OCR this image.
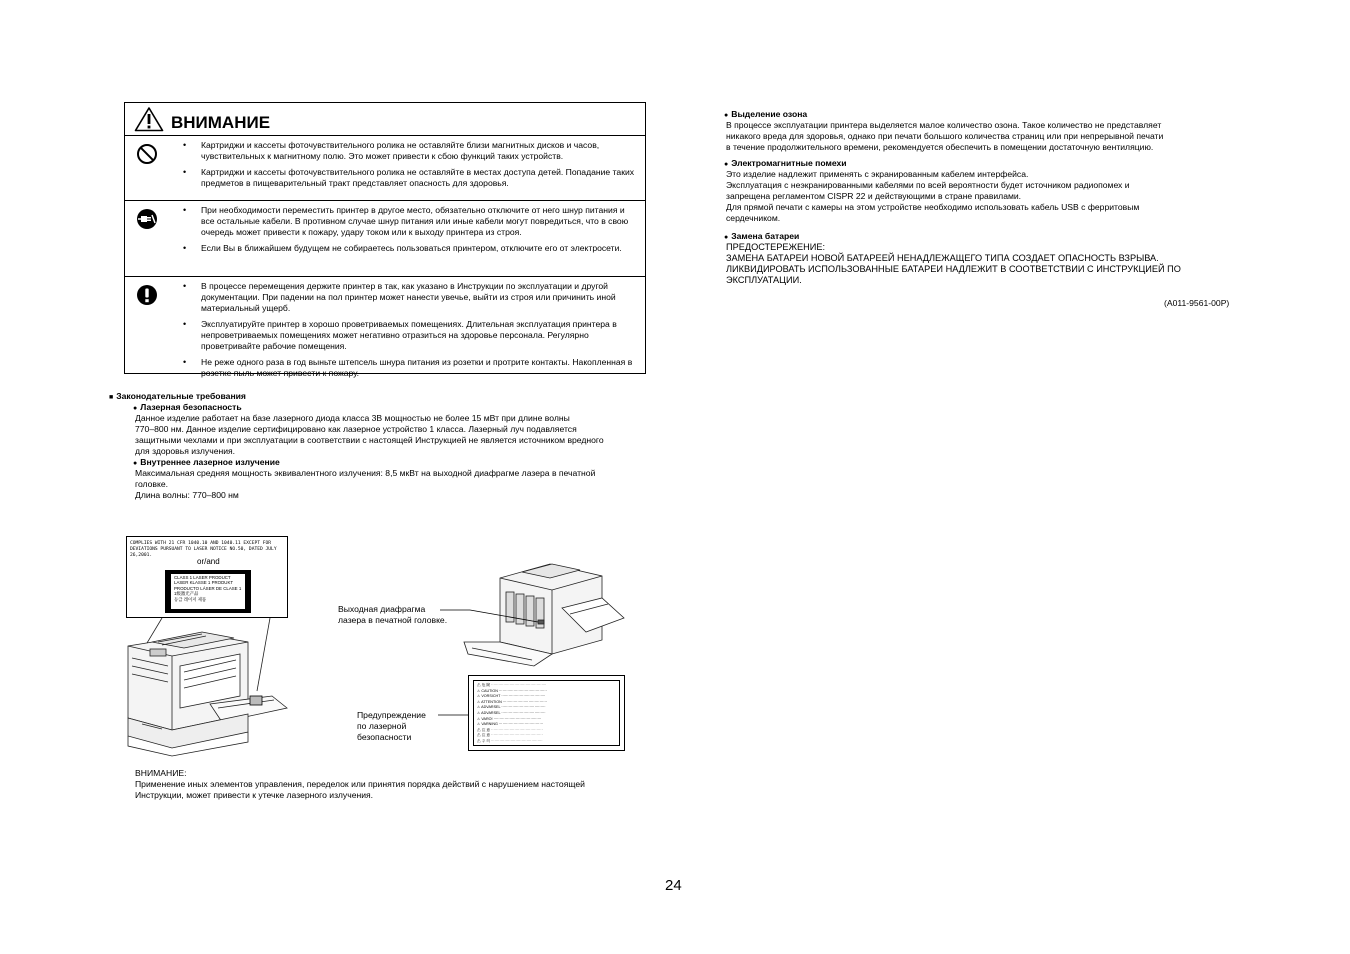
ВНИМАНИЕ
• Картриджи и кассеты фоточувствительного ролика не оставляйте близи магнитных дисков и часов, чувствительных к магнитному полю. Это может привести к сбою функций таких устройств.
• Картриджи и кассеты фоточувствительного ролика не оставляйте в местах доступа детей. Попадание таких предметов в пищеварительный тракт представляет опасность для здоровья.
• При необходимости переместить принтер в другое место, обязательно отключите от него шнур питания и все остальные кабели. В противном случае шнур питания или иные кабели могут повредиться, что в свою очередь может привести к пожару, удару током или к выходу принтера из строя.
• Если Вы в ближайшем будущем не собираетесь пользоваться принтером, отключите его от электросети.
• В процессе перемещения держите принтер в так, как указано в Инструкции по эксплуатации и другой документации. При падении на пол принтер может нанести увечье, выйти из строя или причинить иной материальный ущерб.
• Эксплуатируйте принтер в хорошо проветриваемых помещениях. Длительная эксплуатация принтера в непроветриваемых помещениях может негативно отразиться на здоровье персонала. Регулярно проветривайте рабочие помещения.
• Не реже одного раза в год выньте штепсель шнура питания из розетки и протрите контакты. Накопленная в розетке пыль может привести к пожару.
■ Законодательные требования
● Лазерная безопасность
Данное изделие работает на базе лазерного диода класса 3B мощностью не более 15 мВт при длине волны
770–800 нм. Данное изделие сертифицировано как лазерное устройство 1 класса. Лазерный луч подавляется
защитными чехлами и при эксплуатации в соответствии с настоящей Инструкцией не является источником вредного
для здоровья излучения.
● Внутреннее лазерное излучение
Максимальная средняя мощность эквивалентного излучения: 8,5 мкВт на выходной диафрагме лазера в печатной
головке.
Длина волны: 770–800 нм
COMPLIES WITH 21 CFR 1040.10 AND 1040.11 EXCEPT FOR
DEVIATIONS PURSUANT TO LASER NOTICE NO.50, DATED JULY 26,2001.
or/and
CLASS 1 LASER PRODUCT
LASER KLASSE 1 PRODUKT
PRODUCTO LÁSER DE CLASE 1
1级激光产品
등급 레이저 제품
Выходная диафрагма
лазера в печатной головке.
⚠ 危 険 ⋯⋯⋯⋯⋯⋯⋯⋯⋯⋯⋯⋯⋯⋯⋯
⚠ CAUTION ⋯⋯⋯⋯⋯⋯⋯⋯⋯⋯⋯⋯⋯
⚠ VORSICHT ⋯⋯⋯⋯⋯⋯⋯⋯⋯⋯⋯⋯
⚠ ATTENTION ⋯⋯⋯⋯⋯⋯⋯⋯⋯⋯⋯⋯
⚠ ADVARSEL ⋯⋯⋯⋯⋯⋯⋯⋯⋯⋯⋯⋯
⚠ ADVARSEL ⋯⋯⋯⋯⋯⋯⋯⋯⋯⋯⋯⋯
⚠ VARO! ⋯⋯⋯⋯⋯⋯⋯⋯⋯⋯⋯⋯⋯
⚠ VARNING ⋯⋯⋯⋯⋯⋯⋯⋯⋯⋯⋯⋯
⚠ 注 意 ⋯⋯⋯⋯⋯⋯⋯⋯⋯⋯⋯⋯⋯⋯
⚠ 注 意 ⋯⋯⋯⋯⋯⋯⋯⋯⋯⋯⋯⋯⋯⋯
⚠ 주 의 ⋯⋯⋯⋯⋯⋯⋯⋯⋯⋯⋯⋯⋯⋯
Предупреждение
по лазерной
безопасности
ВНИМАНИЕ:
Применение иных элементов управления, переделок или принятия порядка действий с нарушением настоящей
Инструкции, может привести к утечке лазерного излучения.
● Выделение озона
В процессе эксплуатации принтера выделяется малое количество озона. Такое количество не представляет
никакого вреда для здоровья, однако при печати большого количества страниц или при непрерывной печати
в течение продолжительного времени, рекомендуется обеспечить в помещении достаточную вентиляцию.
● Электромагнитные помехи
Это изделие надлежит применять с экранированным кабелем интерфейса.
Эксплуатация с неэкранированными кабелями по всей вероятности будет источником радиопомех и
запрещена регламентом CISPR 22 и действующими в стране правилами.
Для прямой печати с камеры на этом устройстве необходимо использовать кабель USB с ферритовым
сердечником.
● Замена батареи
ПРЕДОСТЕРЕЖЕНИЕ:
ЗАМЕНА БАТАРЕИ НОВОЙ БАТАРЕЕЙ НЕНАДЛЕЖАЩЕГО ТИПА СОЗДАЕТ ОПАСНОСТЬ ВЗРЫВА.
ЛИКВИДИРОВАТЬ ИСПОЛЬЗОВАННЫЕ БАТАРЕИ НАДЛЕЖИТ В СООТВЕТСТВИИ С ИНСТРУКЦИЕЙ ПО
ЭКСПЛУАТАЦИИ.
(A011-9561-00P)
24
